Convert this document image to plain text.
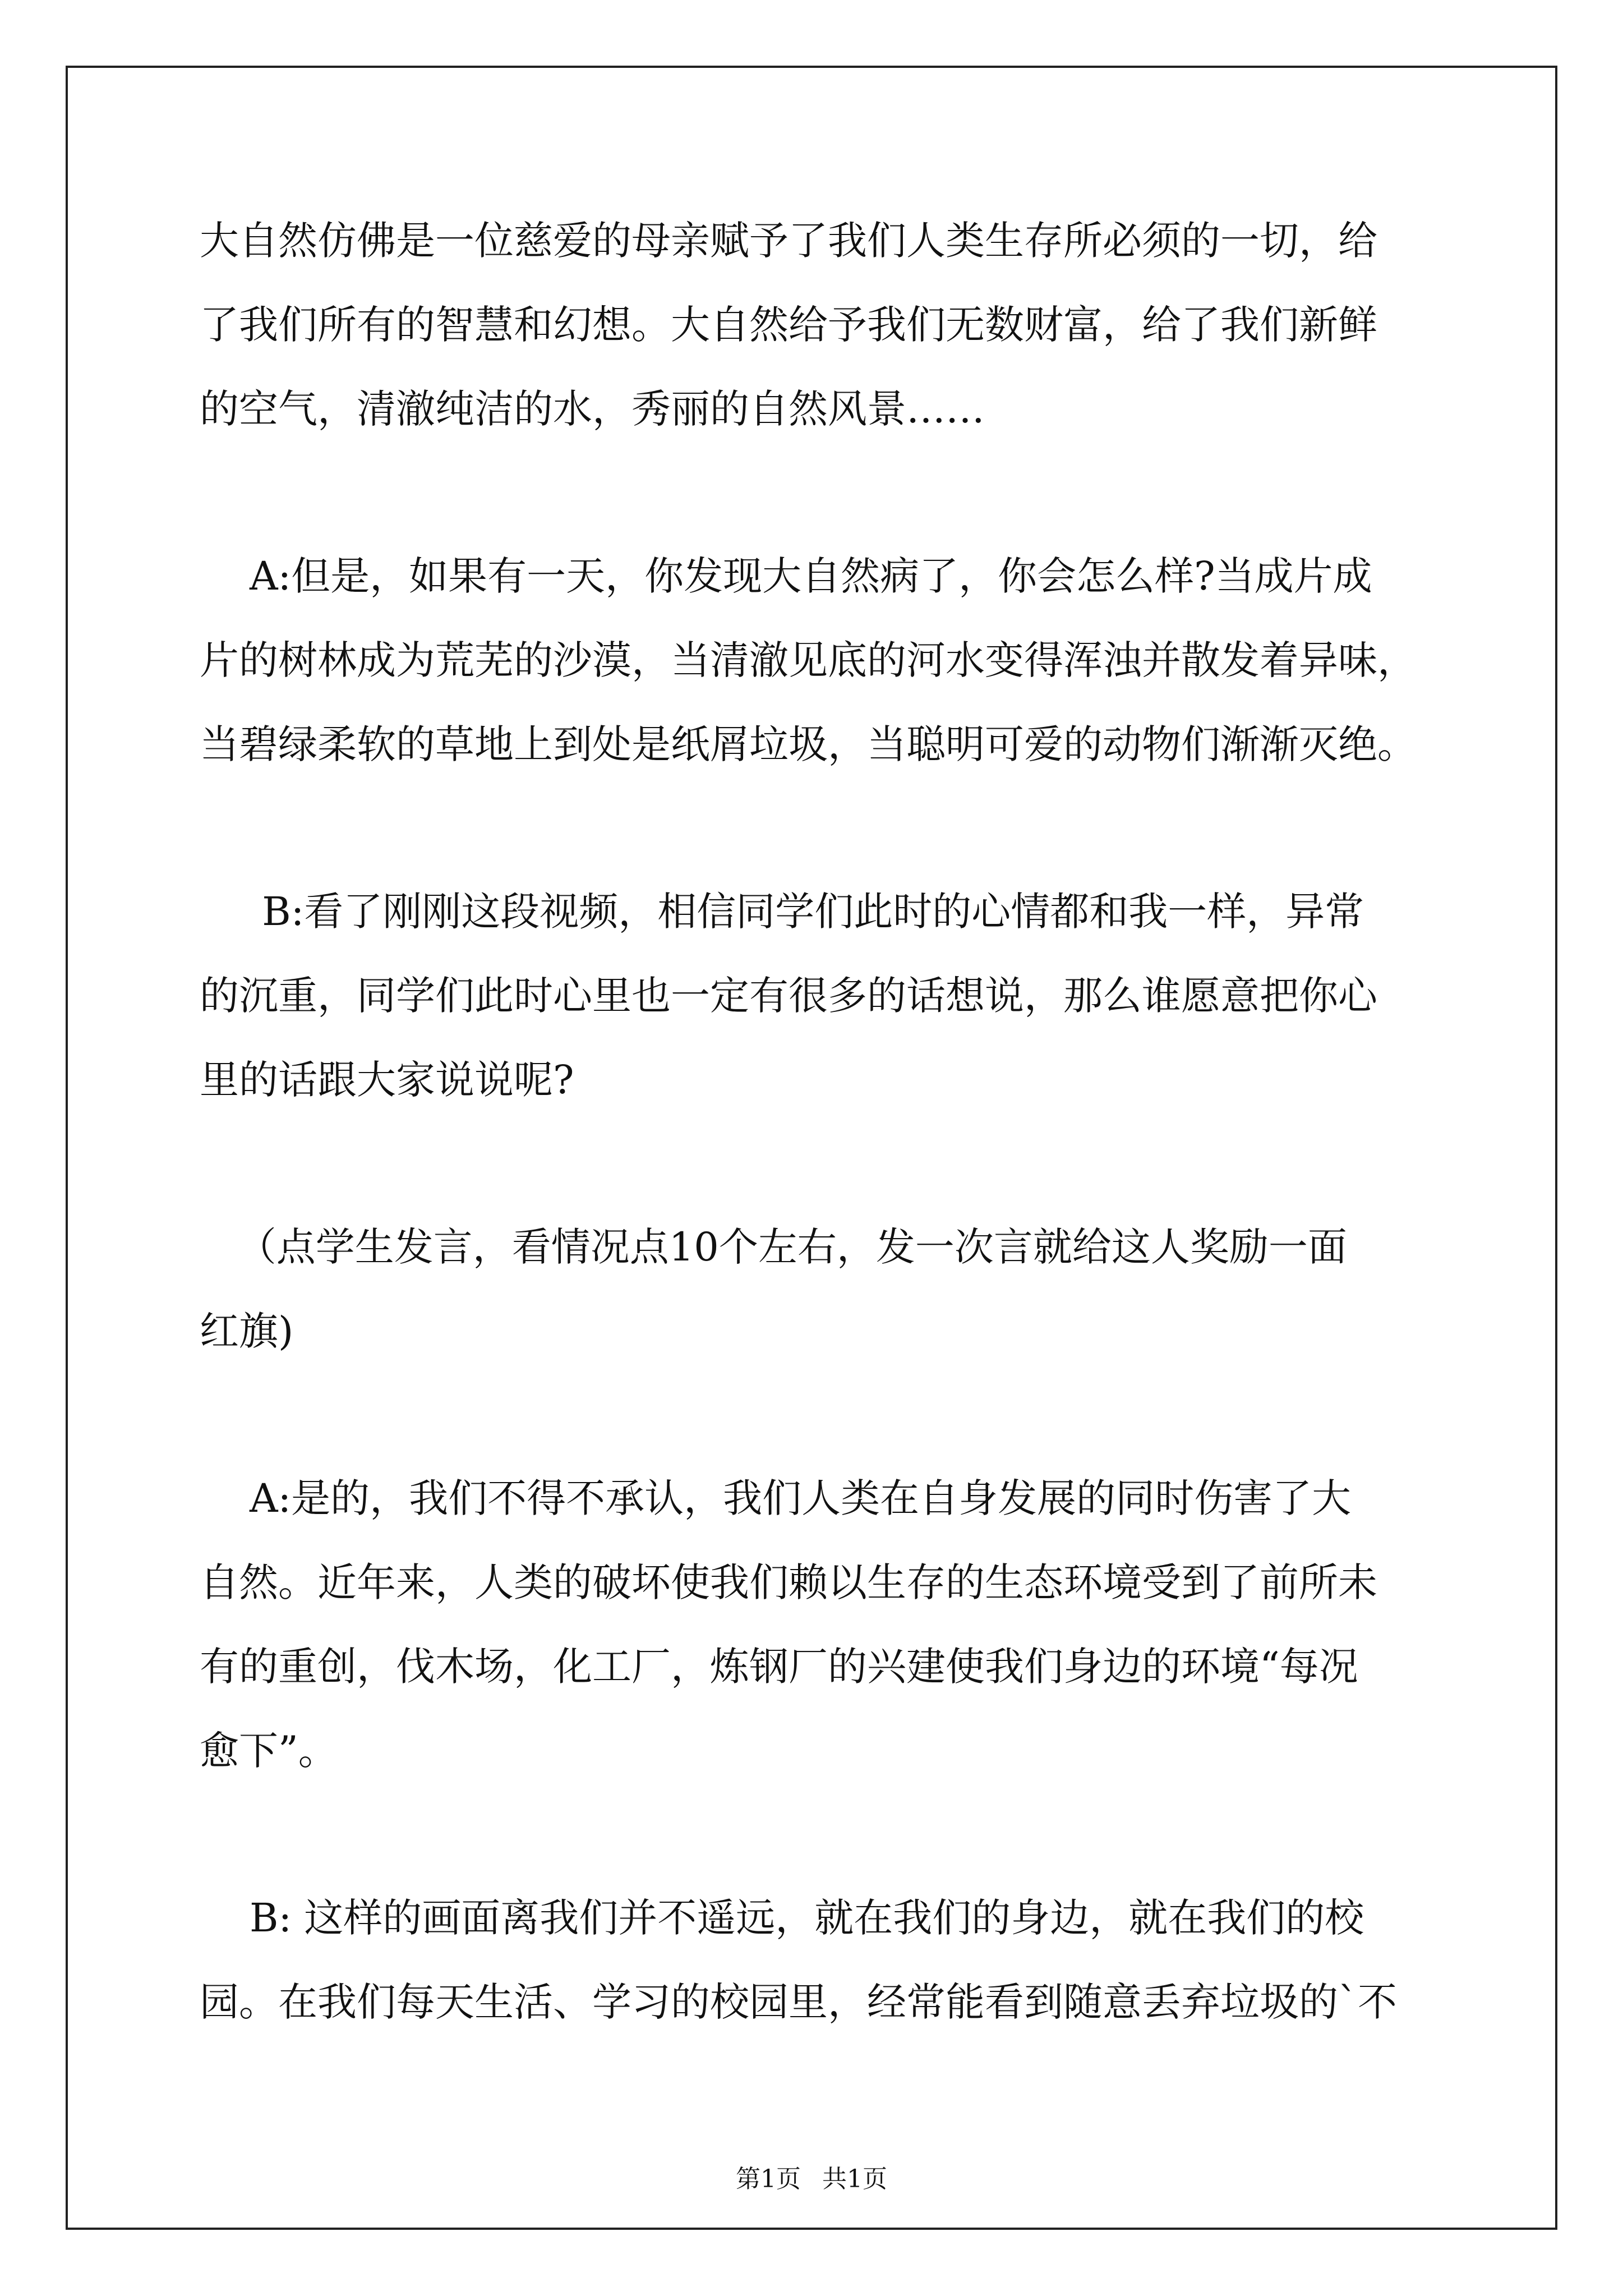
大自然仿佛是一位慈爱的母亲赋予了我们人类生存所必须的一切，给
了我们所有的智慧和幻想。大自然给予我们无数财富，给了我们新鲜
的空气，清澈纯洁的水，秀丽的自然风景……
A:但是，如果有一天，你发现大自然病了，你会怎么样?当成片成
片的树林成为荒芜的沙漠，当清澈见底的河水变得浑浊并散发着异味，
当碧绿柔软的草地上到处是纸屑垃圾，当聪明可爱的动物们渐渐灭绝。
B:看了刚刚这段视频，相信同学们此时的心情都和我一样，异常
的沉重，同学们此时心里也一定有很多的话想说，那么谁愿意把你心
里的话跟大家说说呢?
（点学生发言，看情况点10个左右，发一次言就给这人奖励一面
红旗)
A:是的，我们不得不承认，我们人类在自身发展的同时伤害了大
自然。近年来，人类的破坏使我们赖以生存的生态环境受到了前所未
有的重创，伐木场，化工厂，炼钢厂的兴建使我们身边的环境“每况
愈下”。
B: 这样的画面离我们并不遥远，就在我们的身边，就在我们的校
园。在我们每天生活、学习的校园里，经常能看到随意丢弃垃圾的`不
第1页 共1页
